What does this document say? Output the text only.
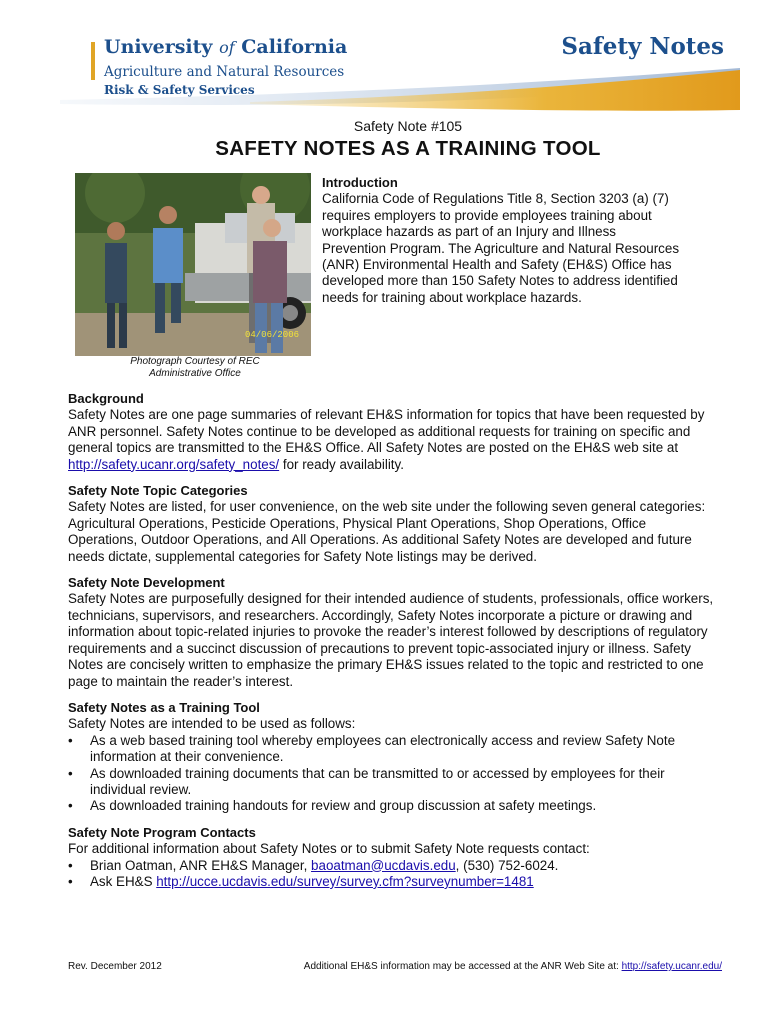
University of California
Agriculture and Natural Resources
Risk & Safety Services
Safety Notes
Safety Note #105
SAFETY NOTES AS A TRAINING TOOL
04/06/2006
Photograph Courtesy of REC Administrative Office
Introduction
California Code of Regulations Title 8, Section 3203 (a) (7) requires employers to provide employees training about workplace hazards as part of an Injury and Illness Prevention Program. The Agriculture and Natural Resources (ANR) Environmental Health and Safety (EH&S) Office has developed more than 150 Safety Notes to address identified needs for training about workplace hazards.
Background

Safety Notes are one page summaries of relevant EH&S information for topics that have been requested by ANR personnel. Safety Notes continue to be developed as additional requests for training on specific and general topics are transmitted to the EH&S Office. All Safety Notes are posted on the EH&S web site at http://safety.ucanr.org/safety_notes/ for ready availability.

Safety Note Topic Categories

Safety Notes are listed, for user convenience, on the web site under the following seven general categories: Agricultural Operations, Pesticide Operations, Physical Plant Operations, Shop Operations, Office Operations, Outdoor Operations, and All Operations. As additional Safety Notes are developed and future needs dictate, supplemental categories for Safety Note listings may be derived.

Safety Note Development

Safety Notes are purposefully designed for their intended audience of students, professionals, office workers, technicians, supervisors, and researchers. Accordingly, Safety Notes incorporate a picture or drawing and information about topic-related injuries to provoke the reader’s interest followed by descriptions of regulatory requirements and a succinct discussion of precautions to prevent topic-associated injury or illness. Safety Notes are concisely written to emphasize the primary EH&S issues related to the topic and restricted to one page to maintain the reader’s interest.

Safety Notes as a Training Tool

Safety Notes are intended to be used as follows:

• As a web based training tool whereby employees can electronically access and review Safety Note information at their convenience.
• As downloaded training documents that can be transmitted to or accessed by employees for their individual review.
• As downloaded training handouts for review and group discussion at safety meetings.
Safety Note Program Contacts

For additional information about Safety Notes or to submit Safety Note requests contact:

• Brian Oatman, ANR EH&S Manager, baoatman@ucdavis.edu, (530) 752-6024.
• Ask EH&S http://ucce.ucdavis.edu/survey/survey.cfm?surveynumber=1481
Rev. December 2012	Additional EH&S information may be accessed at the ANR Web Site at: http://safety.ucanr.edu/
